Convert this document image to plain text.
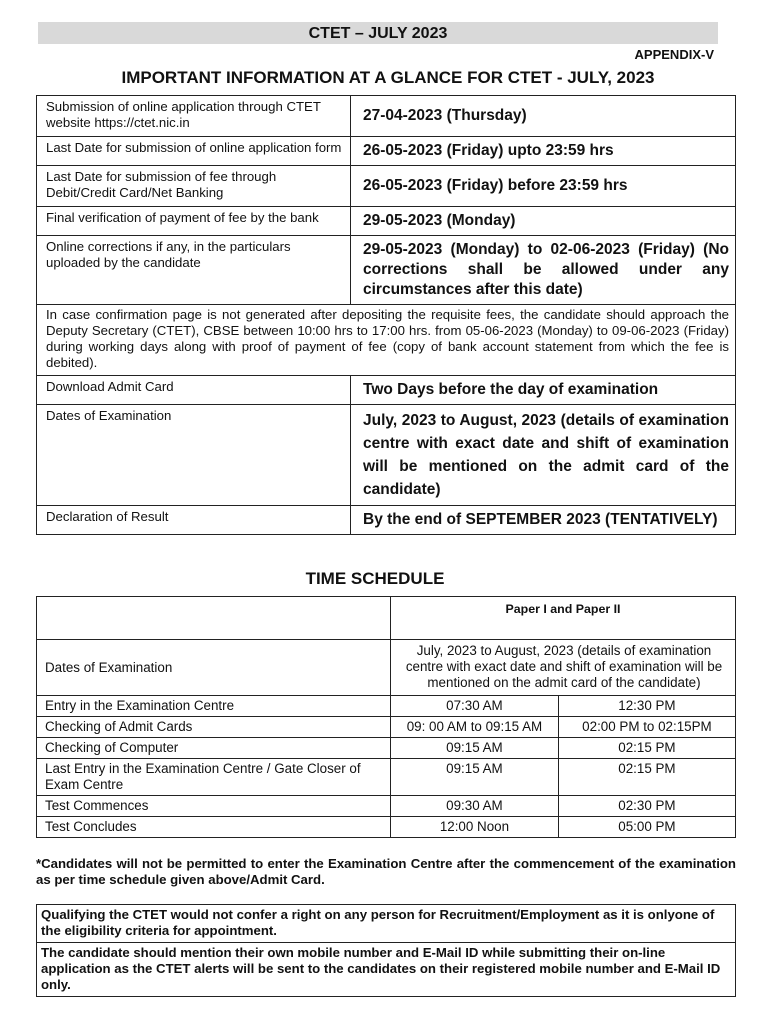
CTET – JULY 2023
APPENDIX-V
IMPORTANT INFORMATION AT A GLANCE FOR CTET - JULY, 2023
Submission of online application through CTET website https://ctet.nic.in	27-04-2023 (Thursday)
Last Date for submission of online application form	26-05-2023 (Friday) upto 23:59 hrs
Last Date for submission of fee through Debit/Credit Card/Net Banking	26-05-2023 (Friday) before 23:59 hrs
Final verification of payment of fee by the bank	29-05-2023 (Monday)
Online corrections if any, in the particulars uploaded by the candidate	29-05-2023 (Monday) to 02-06-2023 (Friday) (No corrections shall be allowed under any circumstances after this date)
In case confirmation page is not generated after depositing the requisite fees, the candidate should approach the Deputy Secretary (CTET), CBSE between 10:00 hrs to 17:00 hrs. from 05-06-2023 (Monday) to 09-06-2023 (Friday) during working days along with proof of payment of fee (copy of bank account statement from which the fee is debited).	
Download Admit Card	Two Days before the day of examination
Dates of Examination	July, 2023 to August, 2023 (details of examination centre with exact date and shift of examination will be mentioned on the admit card of the candidate)
Declaration of Result	By the end of SEPTEMBER 2023 (TENTATIVELY)
TIME SCHEDULE
	Paper I and Paper II	
Dates of Examination	July, 2023 to August, 2023 (details of examination centre with exact date and shift of examination will be mentioned on the admit card of the candidate)	
Entry in the Examination Centre	07:30 AM	12:30 PM
Checking of Admit Cards	09: 00 AM to 09:15 AM	02:00 PM to 02:15PM
Checking of Computer	09:15 AM	02:15 PM
Last Entry in the Examination Centre / Gate Closer of Exam Centre	09:15 AM	02:15 PM
Test Commences	09:30 AM	02:30 PM
Test Concludes	12:00 Noon	05:00 PM
*Candidates will not be permitted to enter the Examination Centre after the commencement of the examination as per time schedule given above/Admit Card.
Qualifying the CTET would not confer a right on any person for Recruitment/Employment as it is onlyone of the eligibility criteria for appointment.
The candidate should mention their own mobile number and E-Mail ID while submitting their on-line application as the CTET alerts will be sent to the candidates on their registered mobile number and E-Mail ID only.
